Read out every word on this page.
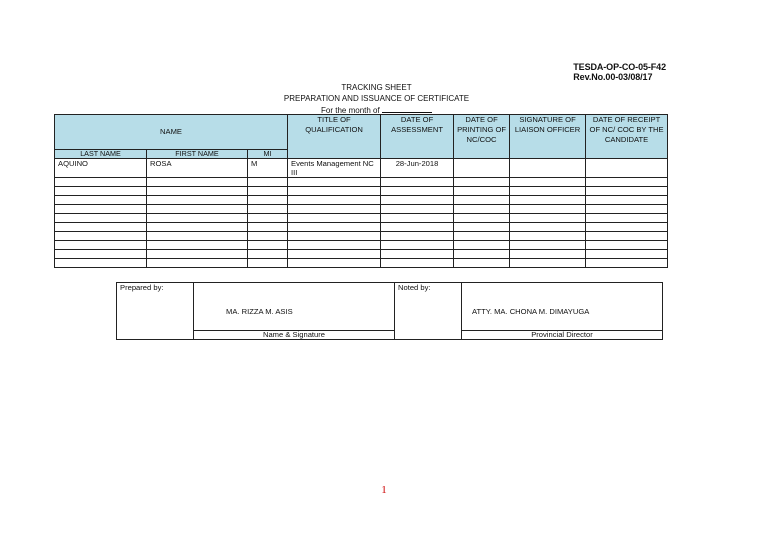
TESDA-OP-CO-05-F42
Rev.No.00-03/08/17
TRACKING SHEET
PREPARATION AND ISSUANCE OF CERTIFICATE
For the month of
NAME			TITLE OF QUALIFICATION	DATE OF ASSESSMENT	DATE OF PRINTING OF NC/COC	SIGNATURE OF LIAISON OFFICER	DATE OF RECEIPT OF NC/ COC BY THE CANDIDATE
LAST NAME	FIRST NAME	MI					
AQUINO	ROSA	M	Events Management NC III	28-Jun-2018			

Prepared by:	MA. RIZZA M. ASIS	Noted by:	ATTY. MA. CHONA M. DIMAYUGA
	Name & Signature		Provincial Director
1
